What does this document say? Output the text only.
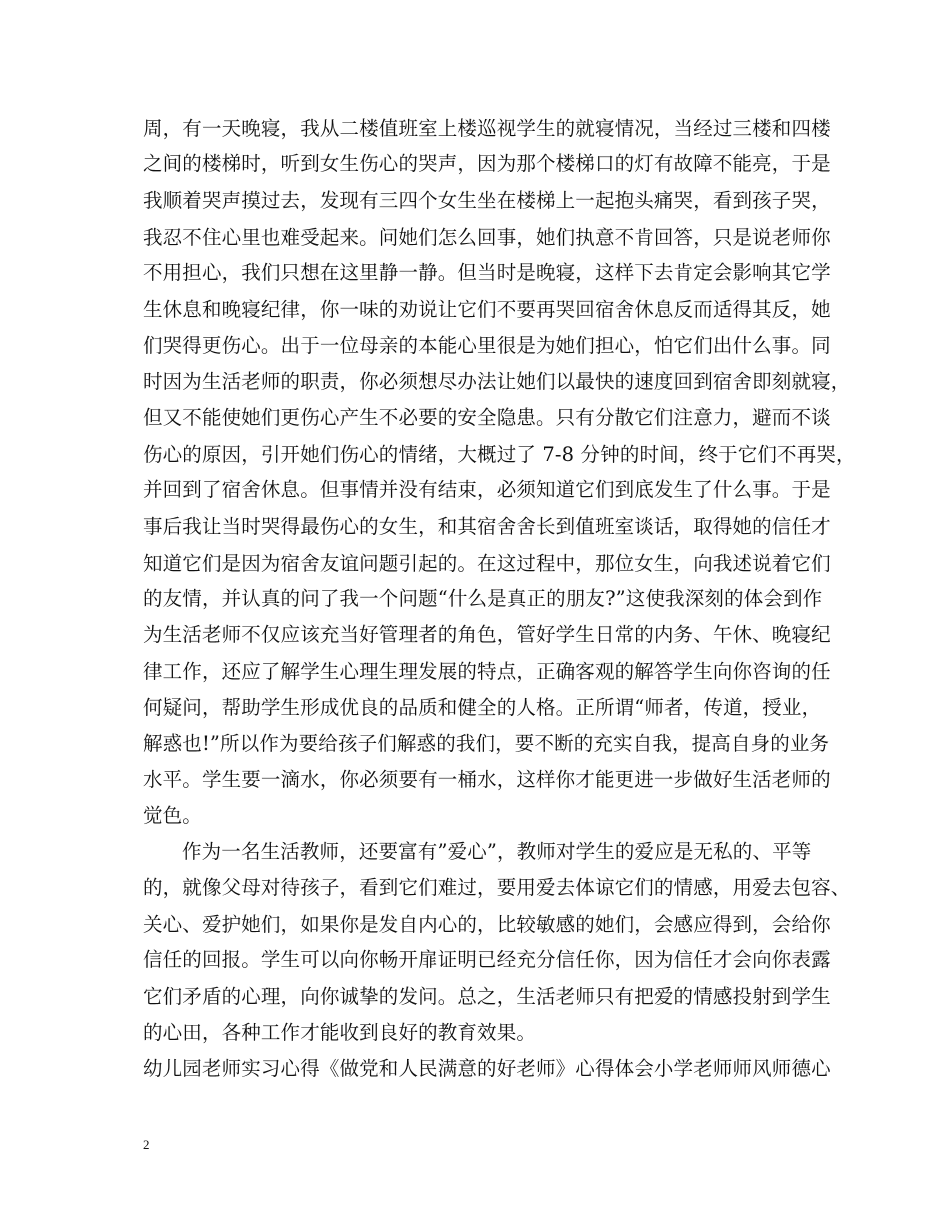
周，有一天晚寝，我从二楼值班室上楼巡视学生的就寝情况，当经过三楼和四楼
之间的楼梯时，听到女生伤心的哭声，因为那个楼梯口的灯有故障不能亮，于是
我顺着哭声摸过去，发现有三四个女生坐在楼梯上一起抱头痛哭，看到孩子哭，
我忍不住心里也难受起来。问她们怎么回事，她们执意不肯回答，只是说老师你
不用担心，我们只想在这里静一静。但当时是晚寝，这样下去肯定会影响其它学
生休息和晚寝纪律，你一味的劝说让它们不要再哭回宿舍休息反而适得其反，她
们哭得更伤心。出于一位母亲的本能心里很是为她们担心，怕它们出什么事。同
时因为生活老师的职责，你必须想尽办法让她们以最快的速度回到宿舍即刻就寝，
但又不能使她们更伤心产生不必要的安全隐患。只有分散它们注意力，避而不谈
伤心的原因，引开她们伤心的情绪，大概过了 7-8 分钟的时间，终于它们不再哭，
并回到了宿舍休息。但事情并没有结束，必须知道它们到底发生了什么事。于是
事后我让当时哭得最伤心的女生，和其宿舍舍长到值班室谈话，取得她的信任才
知道它们是因为宿舍友谊问题引起的。在这过程中，那位女生，向我述说着它们
的友情，并认真的问了我一个问题“什么是真正的朋友?”这使我深刻的体会到作
为生活老师不仅应该充当好管理者的角色，管好学生日常的内务、午休、晚寝纪
律工作，还应了解学生心理生理发展的特点，正确客观的解答学生向你咨询的任
何疑问，帮助学生形成优良的品质和健全的人格。正所谓“师者，传道，授业，
解惑也!”所以作为要给孩子们解惑的我们，要不断的充实自我，提高自身的业务
水平。学生要一滴水，你必须要有一桶水，这样你才能更进一步做好生活老师的
觉色。
作为一名生活教师，还要富有”爱心”，教师对学生的爱应是无私的、平等
的，就像父母对待孩子，看到它们难过，要用爱去体谅它们的情感，用爱去包容、
关心、爱护她们，如果你是发自内心的，比较敏感的她们，会感应得到，会给你
信任的回报。学生可以向你畅开扉证明已经充分信任你，因为信任才会向你表露
它们矛盾的心理，向你诚挚的发问。总之，生活老师只有把爱的情感投射到学生
的心田，各种工作才能收到良好的教育效果。
幼儿园老师实习心得《做党和人民满意的好老师》心得体会小学老师师风师德心
2
